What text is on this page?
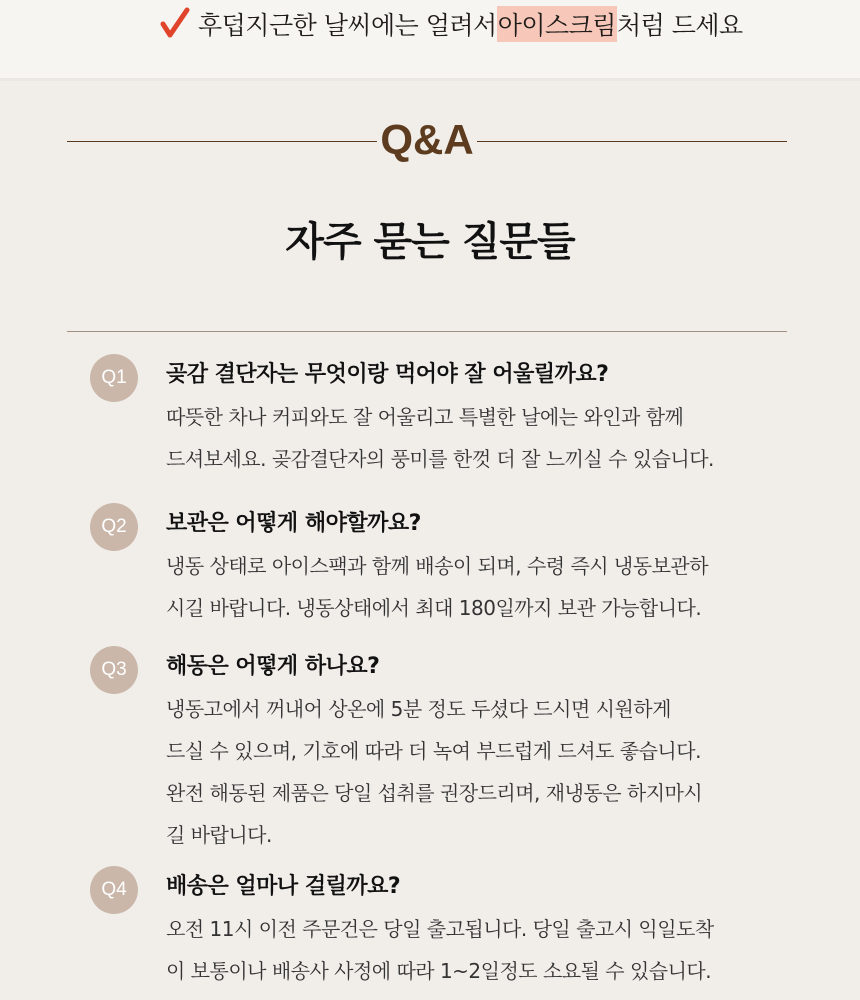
후덥지근한 날씨에는 얼려서 아이스크림 처럼 드세요
Q&A
자주 묻는 질문들
Q1	곶감 결단자는 무엇이랑 먹어야 잘 어울릴까요?
따뜻한 차나 커피와도 잘 어울리고 특별한 날에는 와인과 함께
드셔보세요. 곶감결단자의 풍미를 한껏 더 잘 느끼실 수 있습니다.
Q2	보관은 어떻게 해야할까요?
냉동 상태로 아이스팩과 함께 배송이 되며, 수령 즉시 냉동보관하
시길 바랍니다. 냉동상태에서 최대 180일까지 보관 가능합니다.
Q3	해동은 어떻게 하나요?
냉동고에서 꺼내어 상온에 5분 정도 두셨다 드시면 시원하게
드실 수 있으며, 기호에 따라 더 녹여 부드럽게 드셔도 좋습니다.
완전 해동된 제품은 당일 섭취를 권장드리며, 재냉동은 하지마시
길 바랍니다.
Q4	배송은 얼마나 걸릴까요?
오전 11시 이전 주문건은 당일 출고됩니다. 당일 출고시 익일도착
이 보통이나 배송사 사정에 따라 1~2일정도 소요될 수 있습니다.
